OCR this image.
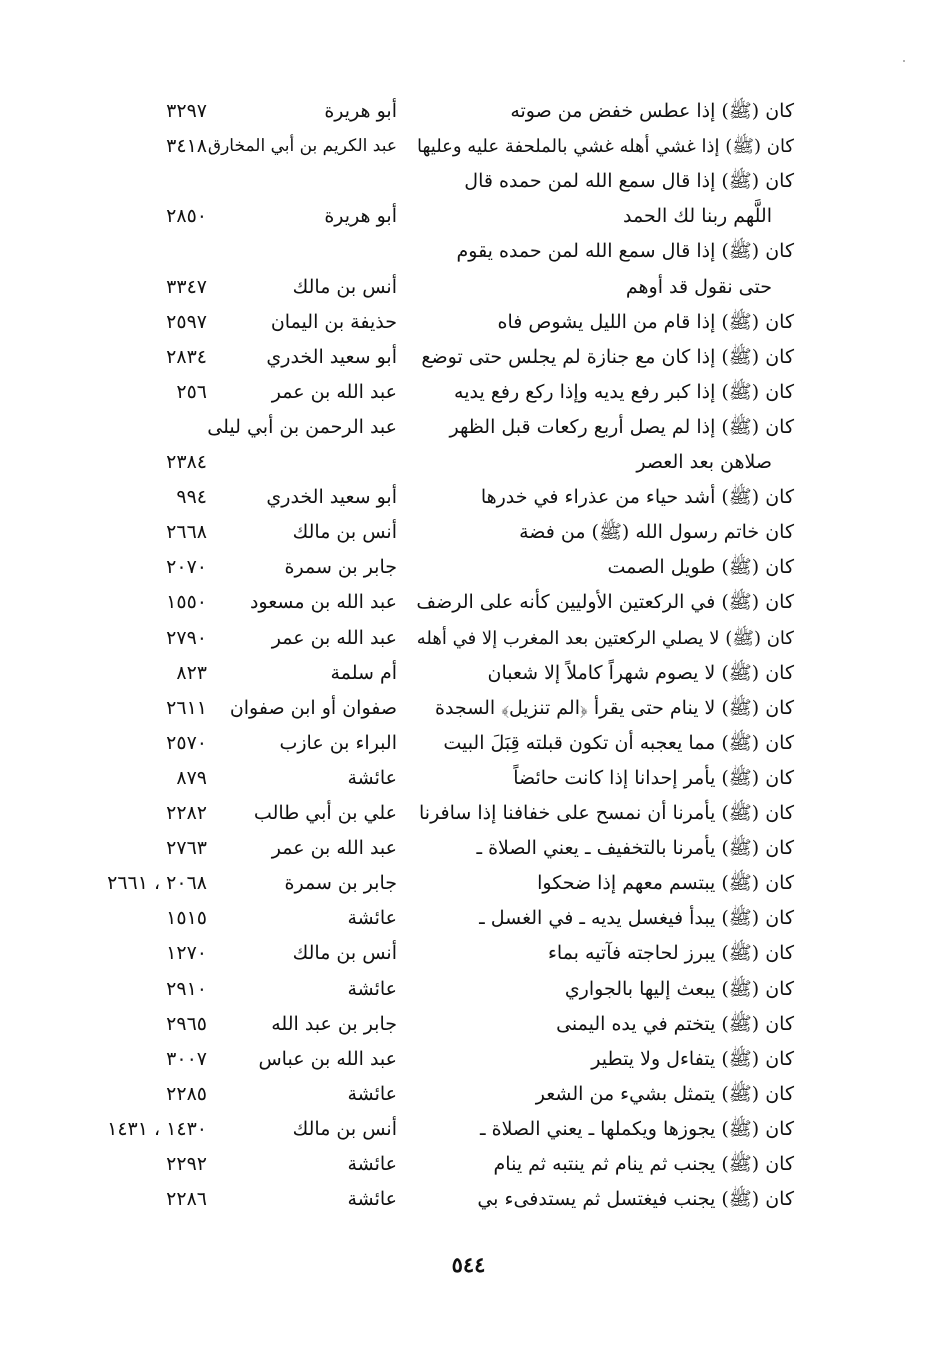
كان (ﷺ) إذا عطس خفض من صوته
أبو هريرة
٣٢٩٧
كان (ﷺ) إذا غشي أهله غشي بالملحفة عليه وعليها
عبد الكريم بن أبي المخارق
٣٤١٨
كان (ﷺ) إذا قال سمع الله لمن حمده قال
اللَّهم ربنا لك الحمد
أبو هريرة
٢٨٥٠
كان (ﷺ) إذا قال سمع الله لمن حمده يقوم
حتى نقول قد أوهم
أنس بن مالك
٣٣٤٧
كان (ﷺ) إذا قام من الليل يشوص فاه
حذيفة بن اليمان
٢٥٩٧
كان (ﷺ) إذا كان مع جنازة لم يجلس حتى توضع
أبو سعيد الخدري
٢٨٣٤
كان (ﷺ) إذا كبر رفع يديه وإذا ركع رفع يديه
عبد الله بن عمر
٢٥٦
كان (ﷺ) إذا لم يصل أربع ركعات قبل الظهر
عبد الرحمن بن أبي ليلى
صلاهن بعد العصر
٢٣٨٤
كان (ﷺ) أشد حياء من عذراء في خدرها
أبو سعيد الخدري
٩٩٤
كان خاتم رسول الله (ﷺ) من فضة
أنس بن مالك
٢٦٦٨
كان (ﷺ) طويل الصمت
جابر بن سمرة
٢٠٧٠
كان (ﷺ) في الركعتين الأوليين كأنه على الرضف
عبد الله بن مسعود
١٥٥٠
كان (ﷺ) لا يصلي الركعتين بعد المغرب إلا في أهله
عبد الله بن عمر
٢٧٩٠
كان (ﷺ) لا يصوم شهراً كاملاً إلا شعبان
أم سلمة
٨٢٣
كان (ﷺ) لا ينام حتى يقرأ ﴿الم تنزيل﴾ السجدة
صفوان أو ابن صفوان
٢٦١١
كان (ﷺ) مما يعجبه أن تكون قبلته قِبَلَ البيت
البراء بن عازب
٢٥٧٠
كان (ﷺ) يأمر إحدانا إذا كانت حائضاً
عائشة
٨٧٩
كان (ﷺ) يأمرنا أن نمسح على خفافنا إذا سافرنا
علي بن أبي طالب
٢٢٨٢
كان (ﷺ) يأمرنا بالتخفيف ـ يعني الصلاة ـ
عبد الله بن عمر
٢٧٦٣
كان (ﷺ) يبتسم معهم إذا ضحكوا
جابر بن سمرة
٢٠٦٨ ، ٢٦٦١
كان (ﷺ) يبدأ فيغسل يديه ـ في الغسل ـ
عائشة
١٥١٥
كان (ﷺ) يبرز لحاجته فآتيه بماء
أنس بن مالك
١٢٧٠
كان (ﷺ) يبعث إليها بالجواري
عائشة
٢٩١٠
كان (ﷺ) يتختم في يده اليمنى
جابر بن عبد الله
٢٩٦٥
كان (ﷺ) يتفاءل ولا يتطير
عبد الله بن عباس
٣٠٠٧
كان (ﷺ) يتمثل بشيء من الشعر
عائشة
٢٢٨٥
كان (ﷺ) يجوزها ويكملها ـ يعني الصلاة ـ
أنس بن مالك
١٤٣٠ ، ١٤٣١
كان (ﷺ) يجنب ثم ينام ثم ينتبه ثم ينام
عائشة
٢٢٩٢
كان (ﷺ) يجنب فيغتسل ثم يستدفىء بي
عائشة
٢٢٨٦
٥٤٤
